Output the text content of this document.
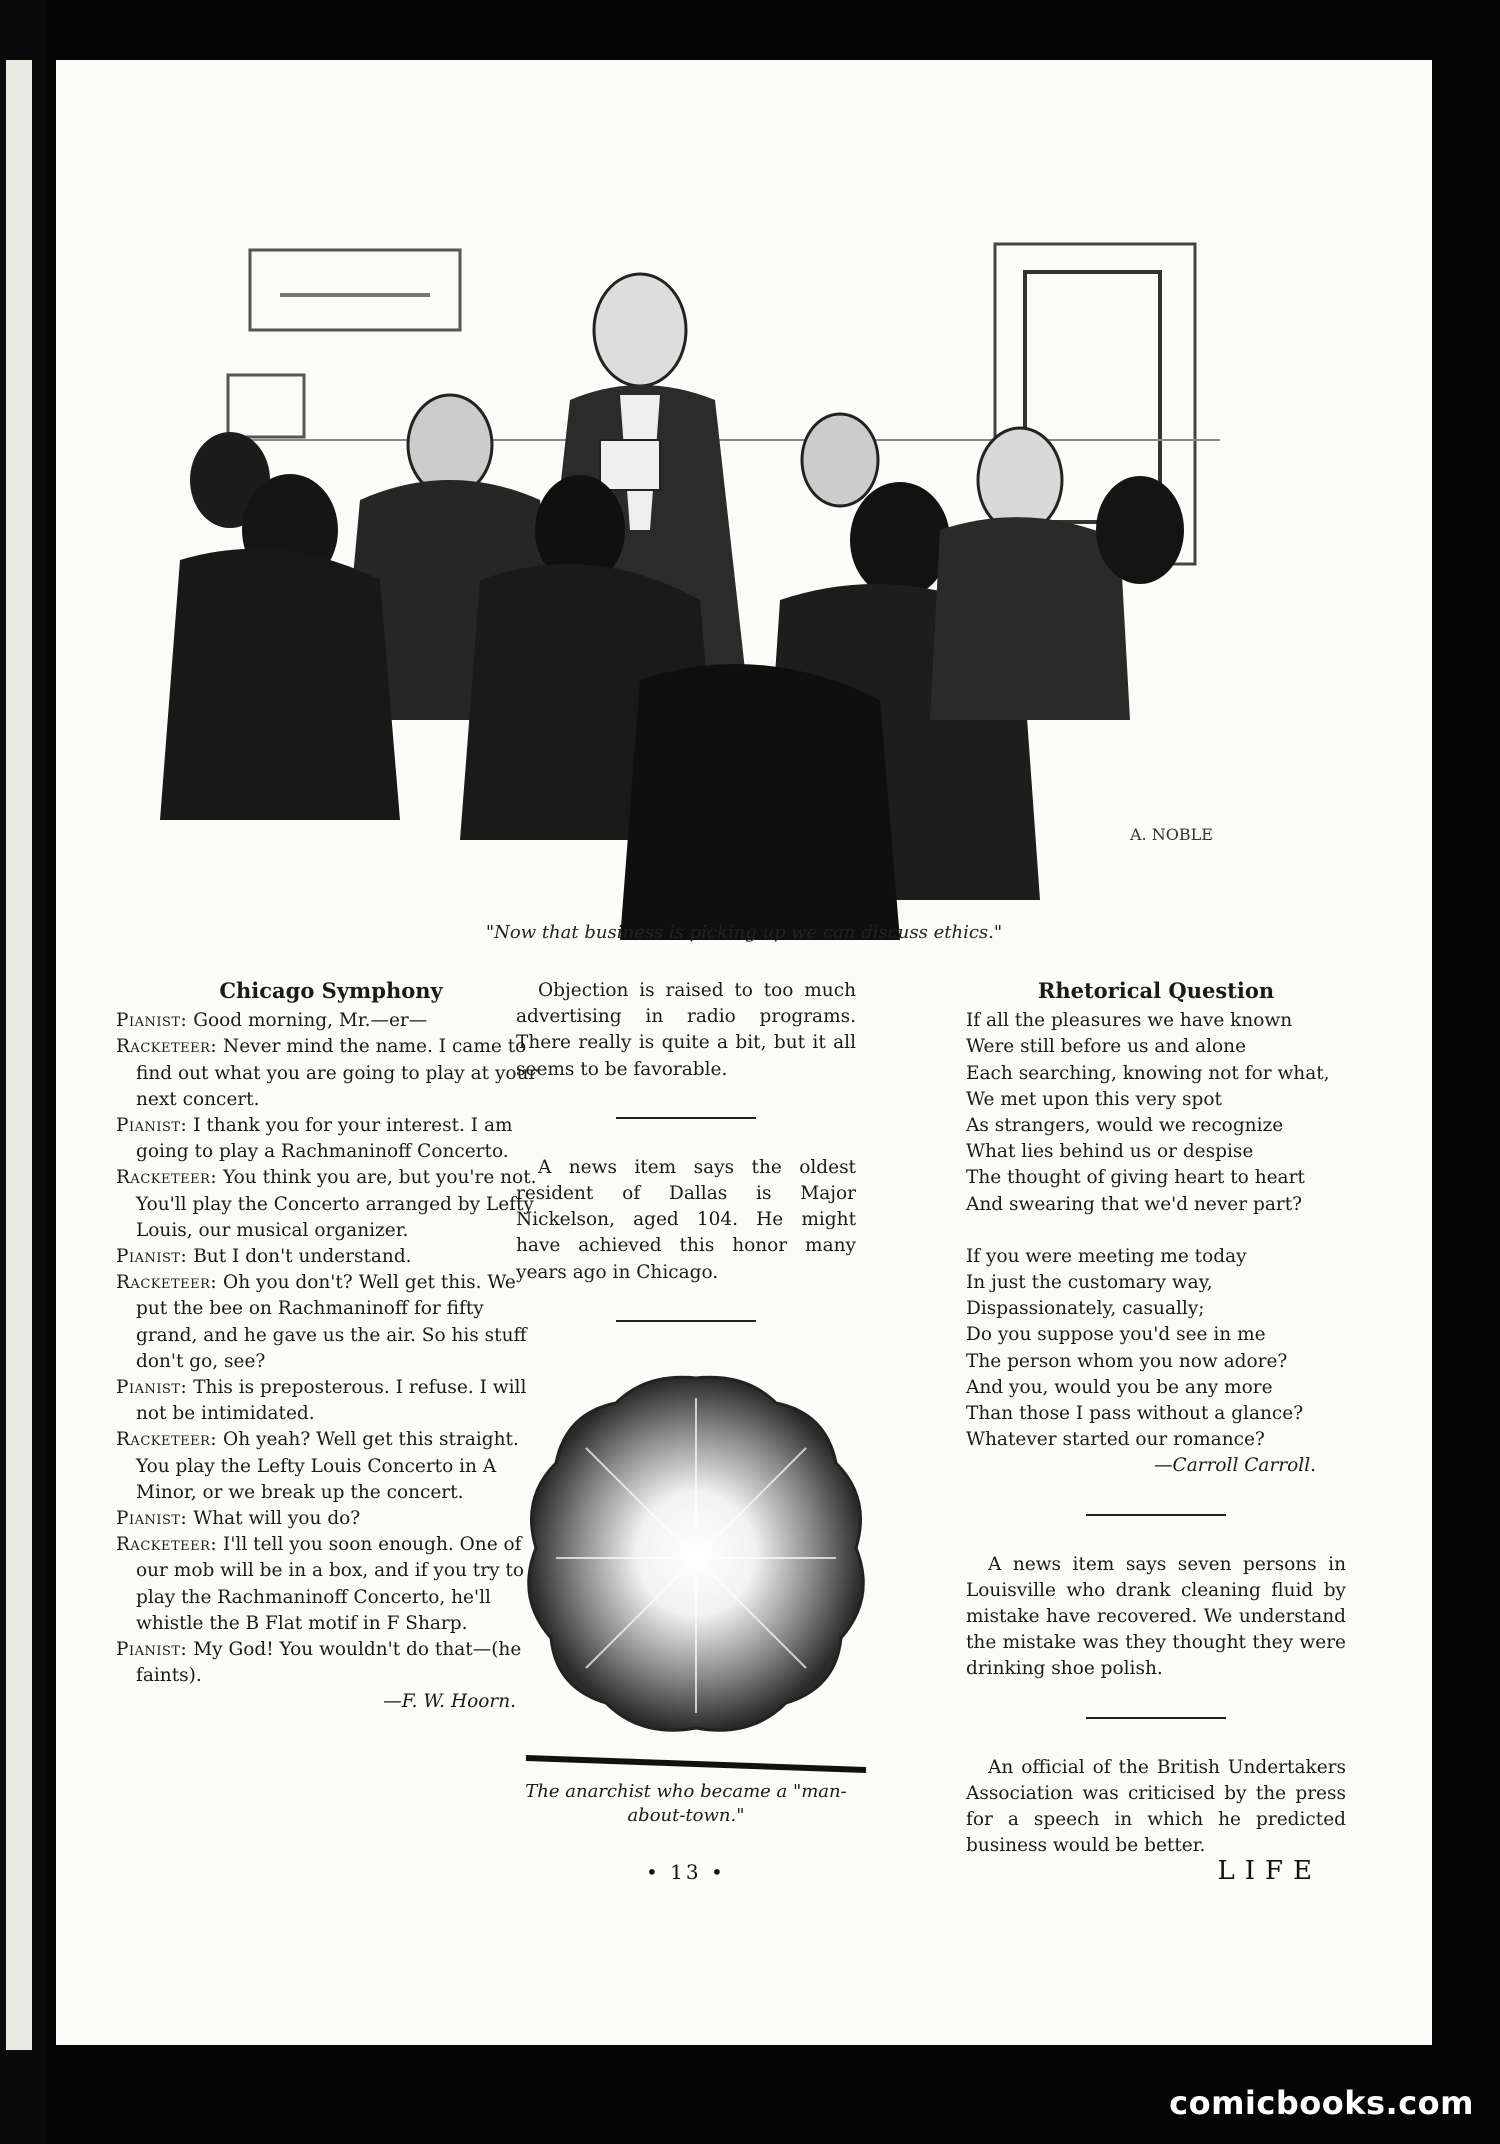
A. NOBLE
"Now that business is picking up we can discuss ethics."
Chicago Symphony

Pianist: Good morning, Mr.—er—

Racketeer: Never mind the name. I came to find out what you are going to play at your next concert.

Pianist: I thank you for your interest. I am going to play a Rachmaninoff Concerto.

Racketeer: You think you are, but you're not. You'll play the Concerto arranged by Lefty Louis, our musical organizer.

Pianist: But I don't understand.

Racketeer: Oh you don't? Well get this. We put the bee on Rachmaninoff for fifty grand, and he gave us the air. So his stuff don't go, see?

Pianist: This is preposterous. I refuse. I will not be intimidated.

Racketeer: Oh yeah? Well get this straight. You play the Lefty Louis Concerto in A Minor, or we break up the concert.

Pianist: What will you do?

Racketeer: I'll tell you soon enough. One of our mob will be in a box, and if you try to play the Rachmaninoff Concerto, he'll whistle the B Flat motif in F Sharp.

Pianist: My God! You wouldn't do that—(he faints).

—F. W. Hoorn.

Objection is raised to too much advertising in radio programs. There really is quite a bit, but it all seems to be favorable.

A news item says the oldest resident of Dallas is Major Nickelson, aged 104. He might have achieved this honor many years ago in Chicago.

The anarchist who became a "man-about-town."
Rhetorical Question

If all the pleasures we have known

Were still before us and alone

Each searching, knowing not for what,

We met upon this very spot

As strangers, would we recognize

What lies behind us or despise

The thought of giving heart to heart

And swearing that we'd never part?

If you were meeting me today

In just the customary way,

Dispassionately, casually;

Do you suppose you'd see in me

The person whom you now adore?

And you, would you be any more

Than those I pass without a glance?

Whatever started our romance?

—Carroll Carroll.

A news item says seven persons in Louisville who drank cleaning fluid by mistake have recovered. We understand the mistake was they thought they were drinking shoe polish.

An official of the British Undertakers Association was criticised by the press for a speech in which he predicted business would be better.

• 13 •	LIFE
comicbooks.com
